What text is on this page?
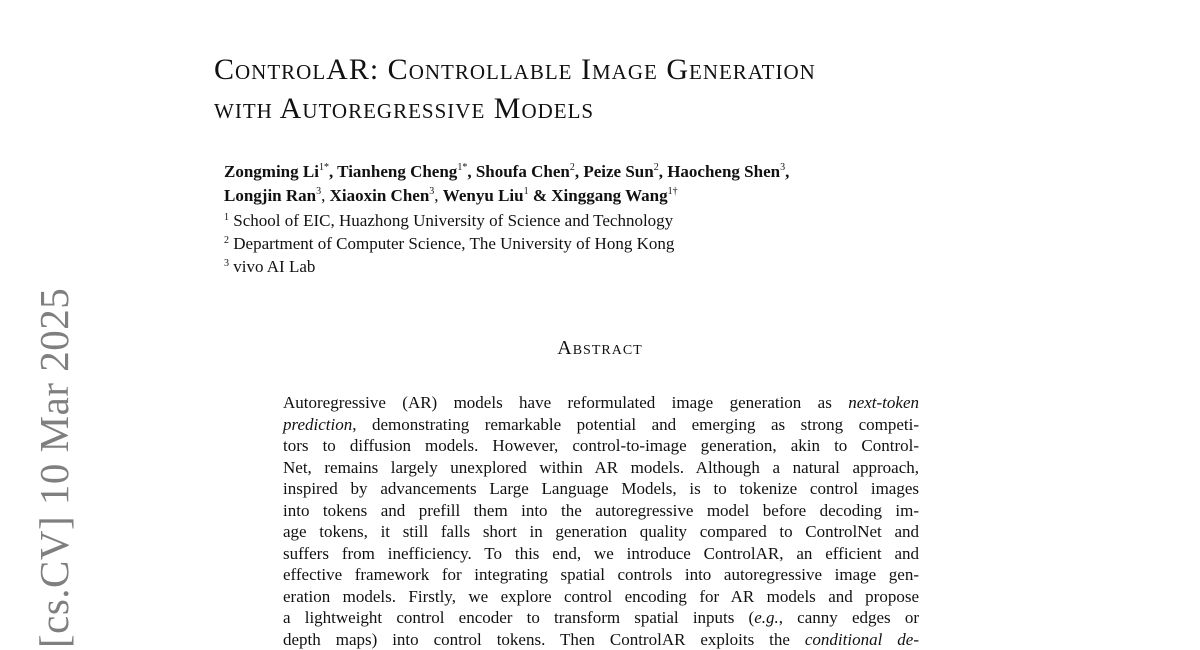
[cs.CV] 10 Mar 2025
ControlAR: Controllable Image Generation
with Autoregressive Models
Zongming $Li^{1*}$, Tianheng Cheng$^{1*}$, Shoufa Chen$^2$, Peize Sun$^2$, Haocheng Shen$^3$,
Longjin Ran$^3$, Xiaoxin Chen$^3$, Wenyu Liu$^1$ & Xinggang Wang$^{1\dagger}$
$^1$ School of EIC, Huazhong University of Science and Technology
$^2$ Department of Computer Science, The University of Hong Kong
$^3$ vivo AI Lab
Abstract
Autoregressive (AR) models have reformulated image generation as next-token
prediction, demonstrating remarkable potential and emerging as strong competi-
tors to diffusion models. However, control-to-image generation, akin to Control-
Net, remains largely unexplored within AR models. Although a natural approach,
inspired by advancements Large Language Models, is to tokenize control images
into tokens and prefill them into the autoregressive model before decoding im-
age tokens, it still falls short in generation quality compared to ControlNet and
suffers from inefficiency. To this end, we introduce ControlAR, an efficient and
effective framework for integrating spatial controls into autoregressive image gen-
eration models. Firstly, we explore control encoding for AR models and propose
a lightweight control encoder to transform spatial inputs (e.g., canny edges or
depth maps) into control tokens. Then ControlAR exploits the conditional de-
